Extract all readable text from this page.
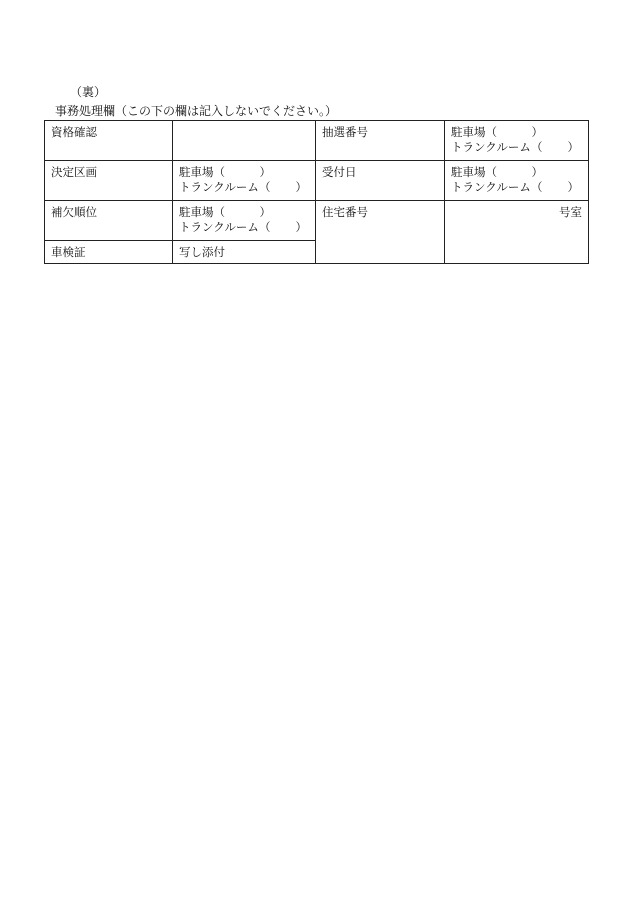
（裏）
事務処理欄（この下の欄は記入しないでください。）
資格確認		抽選番号	駐車場（ ）
トランクルーム（ ）

決定区画	駐車場（ ）
トランクルーム（ ）	受付日	駐車場（ ）
トランクルーム（ ）

補欠順位	駐車場（ ）
トランクルーム（ ）	住宅番号	号室

車検証	写し添付		
